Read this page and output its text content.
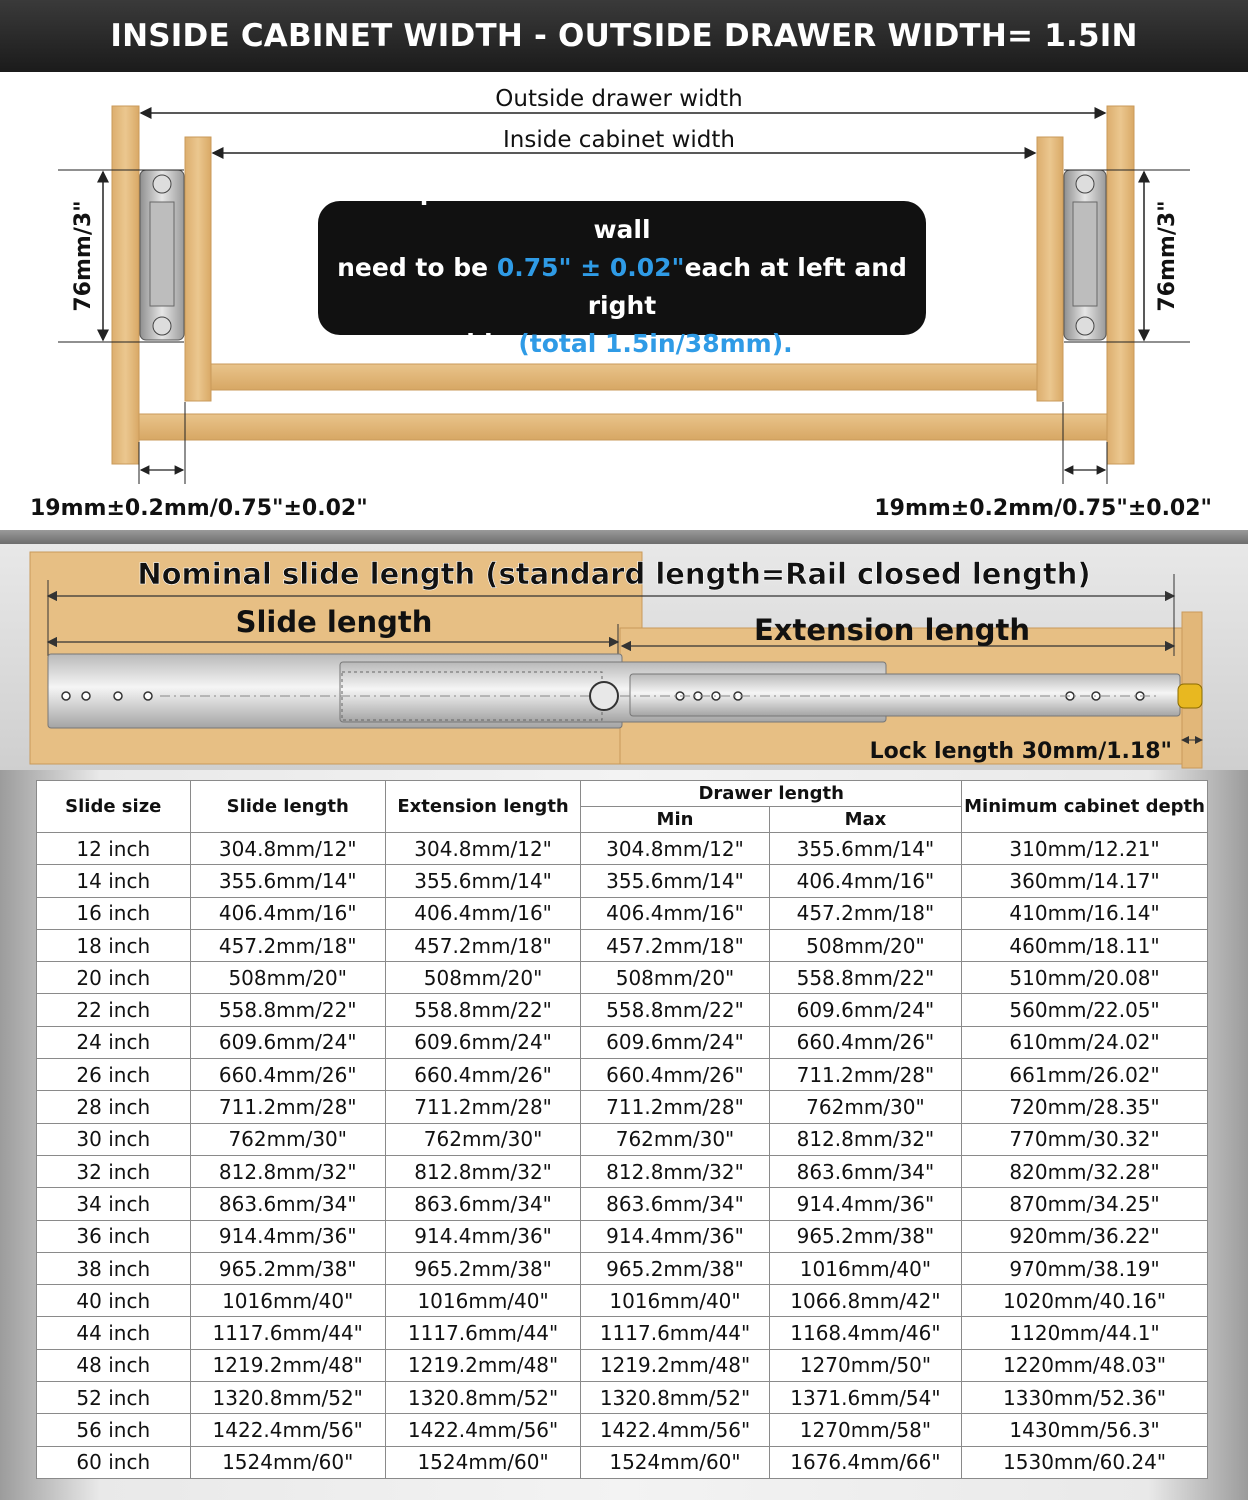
INSIDE CABINET WIDTH - OUTSIDE DRAWER WIDTH= 1.5IN
Outside drawer width
Inside cabinet width
76mm/3"	76mm/3"
19mm±0.2mm/0.75"±0.02"	19mm±0.2mm/0.75"±0.02"
The space between drawer and cabinet wall
need to be 0.75" ± 0.02"each at left and right
side (total 1.5in/38mm).
Nominal slide length (standard length=Rail closed length)
Slide length	Extension length
Lock length 30mm/1.18"
Slide size	Slide length	Extension length	Drawer length		Minimum cabinet depth
			Min	Max	
12 inch	304.8mm/12"	304.8mm/12"	304.8mm/12"	355.6mm/14"	310mm/12.21"
14 inch	355.6mm/14"	355.6mm/14"	355.6mm/14"	406.4mm/16"	360mm/14.17"
16 inch	406.4mm/16"	406.4mm/16"	406.4mm/16"	457.2mm/18"	410mm/16.14"
18 inch	457.2mm/18"	457.2mm/18"	457.2mm/18"	508mm/20"	460mm/18.11"
20 inch	508mm/20"	508mm/20"	508mm/20"	558.8mm/22"	510mm/20.08"
22 inch	558.8mm/22"	558.8mm/22"	558.8mm/22"	609.6mm/24"	560mm/22.05"
24 inch	609.6mm/24"	609.6mm/24"	609.6mm/24"	660.4mm/26"	610mm/24.02"
26 inch	660.4mm/26"	660.4mm/26"	660.4mm/26"	711.2mm/28"	661mm/26.02"
28 inch	711.2mm/28"	711.2mm/28"	711.2mm/28"	762mm/30"	720mm/28.35"
30 inch	762mm/30"	762mm/30"	762mm/30"	812.8mm/32"	770mm/30.32"
32 inch	812.8mm/32"	812.8mm/32"	812.8mm/32"	863.6mm/34"	820mm/32.28"
34 inch	863.6mm/34"	863.6mm/34"	863.6mm/34"	914.4mm/36"	870mm/34.25"
36 inch	914.4mm/36"	914.4mm/36"	914.4mm/36"	965.2mm/38"	920mm/36.22"
38 inch	965.2mm/38"	965.2mm/38"	965.2mm/38"	1016mm/40"	970mm/38.19"
40 inch	1016mm/40"	1016mm/40"	1016mm/40"	1066.8mm/42"	1020mm/40.16"
44 inch	1117.6mm/44"	1117.6mm/44"	1117.6mm/44"	1168.4mm/46"	1120mm/44.1"
48 inch	1219.2mm/48"	1219.2mm/48"	1219.2mm/48"	1270mm/50"	1220mm/48.03"
52 inch	1320.8mm/52"	1320.8mm/52"	1320.8mm/52"	1371.6mm/54"	1330mm/52.36"
56 inch	1422.4mm/56"	1422.4mm/56"	1422.4mm/56"	1270mm/58"	1430mm/56.3"
60 inch	1524mm/60"	1524mm/60"	1524mm/60"	1676.4mm/66"	1530mm/60.24"
